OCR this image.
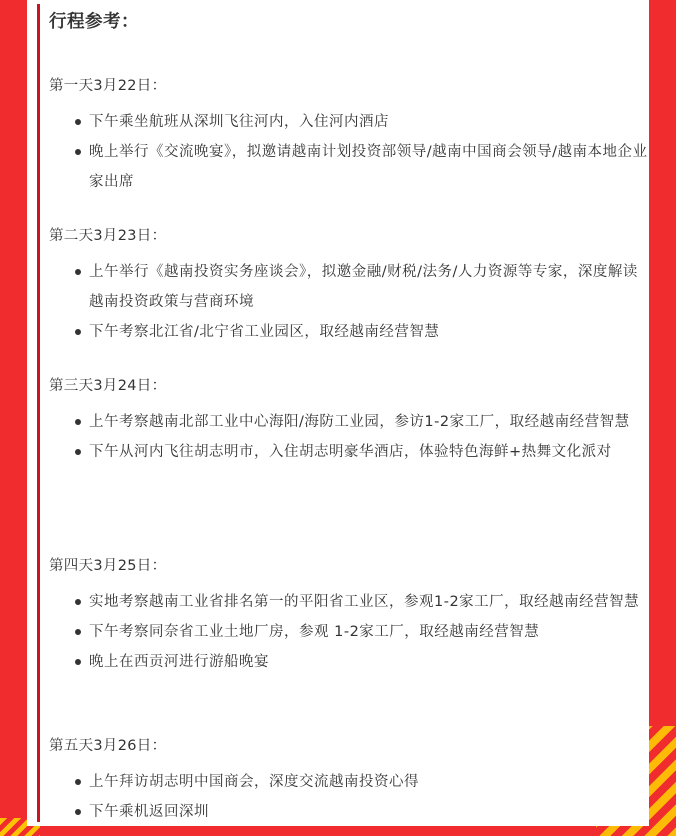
行程参考：

第一天3月22日：

下午乘坐航班从深圳飞往河内，入住河内酒店
晚上举行《交流晚宴》，拟邀请越南计划投资部领导/越南中国商会领导/越南本地企业家出席

第二天3月23日：

上午举行《越南投资实务座谈会》，拟邀金融/财税/法务/人力资源等专家，深度解读越南投资政策与营商环境
下午考察北江省/北宁省工业园区，取经越南经营智慧

第三天3月24日：

上午考察越南北部工业中心海阳/海防工业园，参访1-2家工厂，取经越南经营智慧
下午从河内飞往胡志明市，入住胡志明豪华酒店，体验特色海鲜+热舞文化派对

第四天3月25日：

实地考察越南工业省排名第一的平阳省工业区，参观1-2家工厂，取经越南经营智慧
下午考察同奈省工业土地厂房，参观 1-2家工厂，取经越南经营智慧
晚上在西贡河进行游船晚宴

第五天3月26日：

上午拜访胡志明中国商会，深度交流越南投资心得
下午乘机返回深圳
